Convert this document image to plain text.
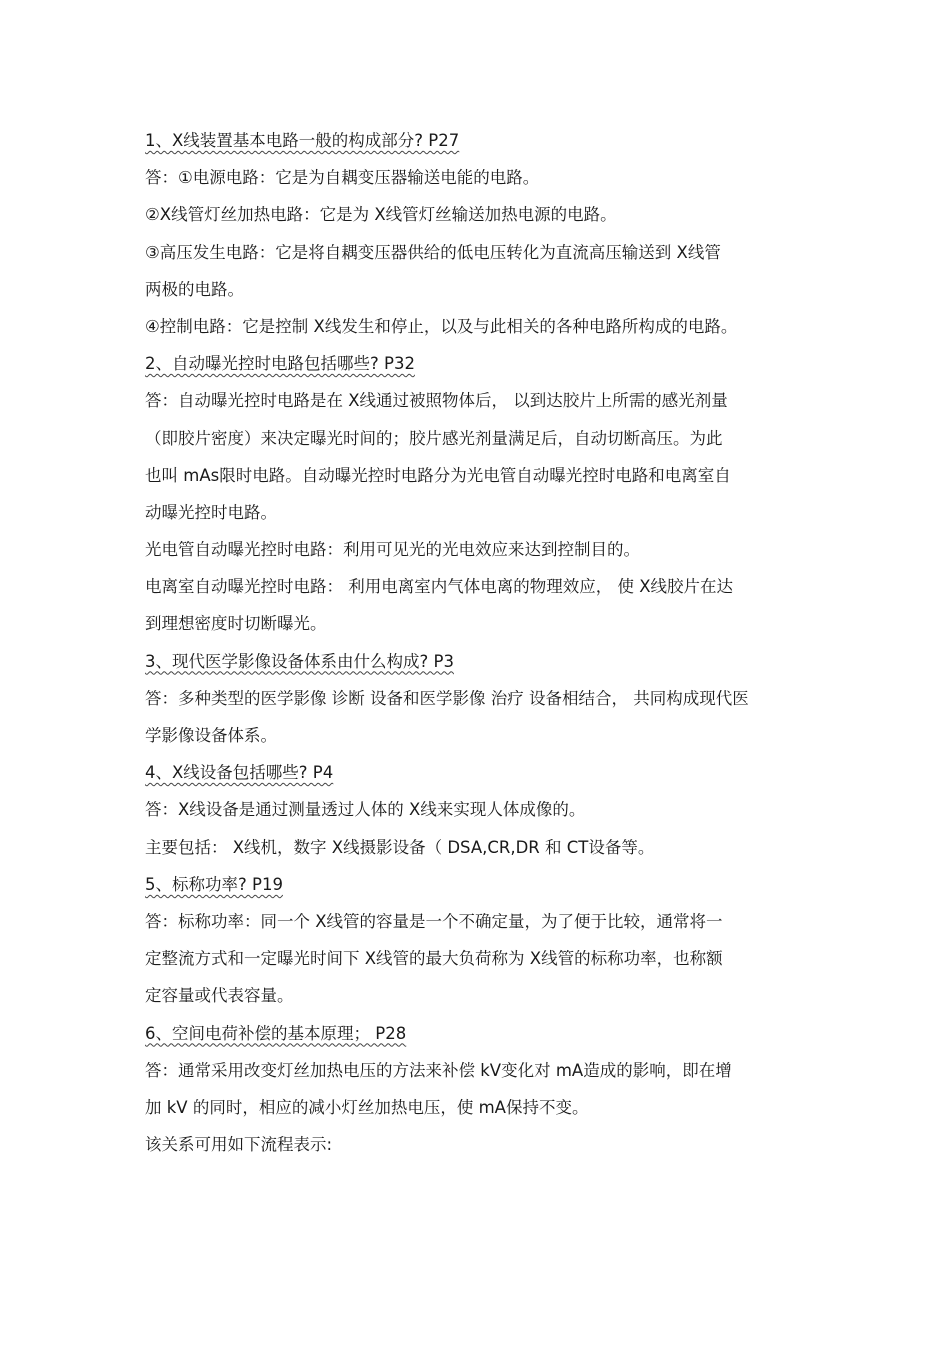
1、X线装置基本电路一般的构成部分? P27
答：①电源电路：它是为自耦变压器输送电能的电路。
②X线管灯丝加热电路：它是为 X线管灯丝输送加热电源的电路。
③高压发生电路：它是将自耦变压器供给的低电压转化为直流高压输送到 X线管
两极的电路。
④控制电路：它是控制 X线发生和停止，以及与此相关的各种电路所构成的电路。
2、自动曝光控时电路包括哪些? P32
答：自动曝光控时电路是在 X线通过被照物体后， 以到达胶片上所需的感光剂量
（即胶片密度）来决定曝光时间的；胶片感光剂量满足后，自动切断高压。为此
也叫 mAs限时电路。自动曝光控时电路分为光电管自动曝光控时电路和电离室自
动曝光控时电路。
光电管自动曝光控时电路：利用可见光的光电效应来达到控制目的。
电离室自动曝光控时电路： 利用电离室内气体电离的物理效应， 使 X线胶片在达
到理想密度时切断曝光。
3、现代医学影像设备体系由什么构成? P3
答：多种类型的医学影像 诊断 设备和医学影像 治疗 设备相结合， 共同构成现代医
学影像设备体系。
4、X线设备包括哪些? P4
答：X线设备是通过测量透过人体的 X线来实现人体成像的。
主要包括： X线机，数字 X线摄影设备（ DSA,CR,DR 和 CT设备等。
5、标称功率? P19
答：标称功率：同一个 X线管的容量是一个不确定量，为了便于比较，通常将一
定整流方式和一定曝光时间下 X线管的最大负荷称为 X线管的标称功率，也称额
定容量或代表容量。
6、空间电荷补偿的基本原理； P28
答：通常采用改变灯丝加热电压的方法来补偿 kV变化对 mA造成的影响，即在增
加 kV 的同时，相应的减小灯丝加热电压，使 mA保持不变。
该关系可用如下流程表示:
